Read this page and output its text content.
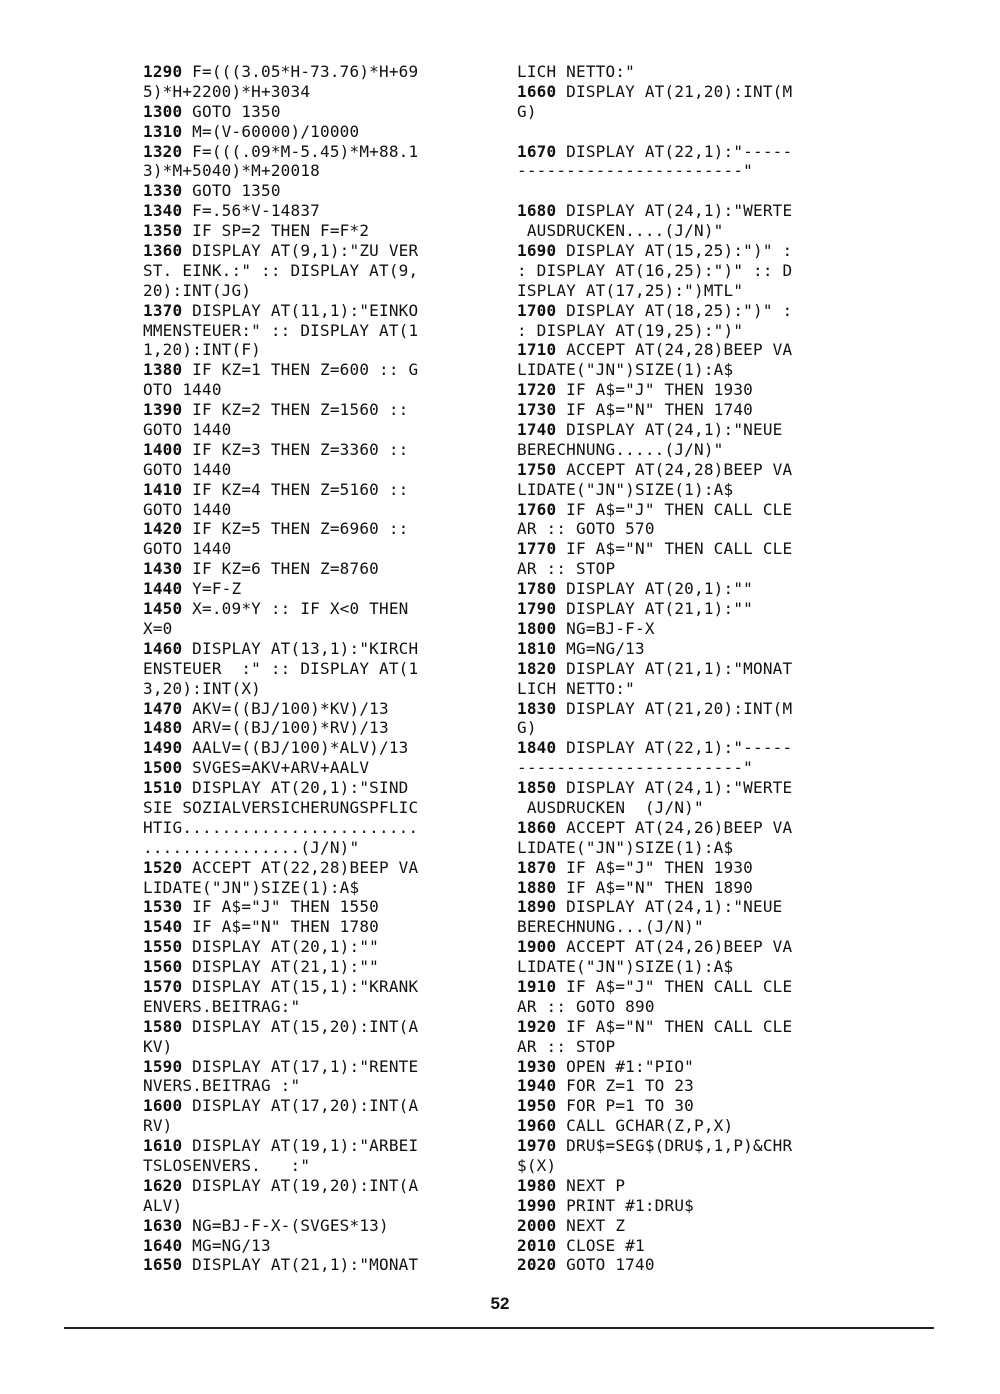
1290 F=(((3.05*H-73.76)*H+69
5)*H+2200)*H+3034
1300 GOTO 1350
1310 M=(V-60000)/10000
1320 F=(((.09*M-5.45)*M+88.1
3)*M+5040)*M+20018
1330 GOTO 1350
1340 F=.56*V-14837
1350 IF SP=2 THEN F=F*2
1360 DISPLAY AT(9,1):"ZU VER
ST. EINK.:" :: DISPLAY AT(9,
20):INT(JG)
1370 DISPLAY AT(11,1):"EINKO
MMENSTEUER:" :: DISPLAY AT(1
1,20):INT(F)
1380 IF KZ=1 THEN Z=600 :: G
OTO 1440
1390 IF KZ=2 THEN Z=1560 ::
GOTO 1440
1400 IF KZ=3 THEN Z=3360 ::
GOTO 1440
1410 IF KZ=4 THEN Z=5160 ::
GOTO 1440
1420 IF KZ=5 THEN Z=6960 ::
GOTO 1440
1430 IF KZ=6 THEN Z=8760
1440 Y=F-Z
1450 X=.09*Y :: IF X<0 THEN
X=0
1460 DISPLAY AT(13,1):"KIRCH
ENSTEUER  :" :: DISPLAY AT(1
3,20):INT(X)
1470 AKV=((BJ/100)*KV)/13
1480 ARV=((BJ/100)*RV)/13
1490 AALV=((BJ/100)*ALV)/13
1500 SVGES=AKV+ARV+AALV
1510 DISPLAY AT(20,1):"SIND
SIE SOZIALVERSICHERUNGSPFLIC
HTIG........................
................(J/N)"
1520 ACCEPT AT(22,28)BEEP VA
LIDATE("JN")SIZE(1):A$
1530 IF A$="J" THEN 1550
1540 IF A$="N" THEN 1780
1550 DISPLAY AT(20,1):""
1560 DISPLAY AT(21,1):""
1570 DISPLAY AT(15,1):"KRANK
ENVERS.BEITRAG:"
1580 DISPLAY AT(15,20):INT(A
KV)
1590 DISPLAY AT(17,1):"RENTE
NVERS.BEITRAG :"
1600 DISPLAY AT(17,20):INT(A
RV)
1610 DISPLAY AT(19,1):"ARBEI
TSLOSENVERS.   :"
1620 DISPLAY AT(19,20):INT(A
ALV)
1630 NG=BJ-F-X-(SVGES*13)
1640 MG=NG/13
1650 DISPLAY AT(21,1):"MONAT
LICH NETTO:"
1660 DISPLAY AT(21,20):INT(M
G)
1670 DISPLAY AT(22,1):"-----
-----------------------"
1680 DISPLAY AT(24,1):"WERTE
AUSDRUCKEN....(J/N)"
1690 DISPLAY AT(15,25):")" :
: DISPLAY AT(16,25):")" :: D
ISPLAY AT(17,25):")MTL"
1700 DISPLAY AT(18,25):")" :
: DISPLAY AT(19,25):")"
1710 ACCEPT AT(24,28)BEEP VA
LIDATE("JN")SIZE(1):A$
1720 IF A$="J" THEN 1930
1730 IF A$="N" THEN 1740
1740 DISPLAY AT(24,1):"NEUE
BERECHNUNG.....(J/N)"
1750 ACCEPT AT(24,28)BEEP VA
LIDATE("JN")SIZE(1):A$
1760 IF A$="J" THEN CALL CLE
AR :: GOTO 570
1770 IF A$="N" THEN CALL CLE
AR :: STOP
1780 DISPLAY AT(20,1):""
1790 DISPLAY AT(21,1):""
1800 NG=BJ-F-X
1810 MG=NG/13
1820 DISPLAY AT(21,1):"MONAT
LICH NETTO:"
1830 DISPLAY AT(21,20):INT(M
G)
1840 DISPLAY AT(22,1):"-----
-----------------------"
1850 DISPLAY AT(24,1):"WERTE
AUSDRUCKEN  (J/N)"
1860 ACCEPT AT(24,26)BEEP VA
LIDATE("JN")SIZE(1):A$
1870 IF A$="J" THEN 1930
1880 IF A$="N" THEN 1890
1890 DISPLAY AT(24,1):"NEUE
BERECHNUNG...(J/N)"
1900 ACCEPT AT(24,26)BEEP VA
LIDATE("JN")SIZE(1):A$
1910 IF A$="J" THEN CALL CLE
AR :: GOTO 890
1920 IF A$="N" THEN CALL CLE
AR :: STOP
1930 OPEN #1:"PIO"
1940 FOR Z=1 TO 23
1950 FOR P=1 TO 30
1960 CALL GCHAR(Z,P,X)
1970 DRU$=SEG$(DRU$,1,P)&CHR
$(X)
1980 NEXT P
1990 PRINT #1:DRU$
2000 NEXT Z
2010 CLOSE #1
2020 GOTO 1740
52
